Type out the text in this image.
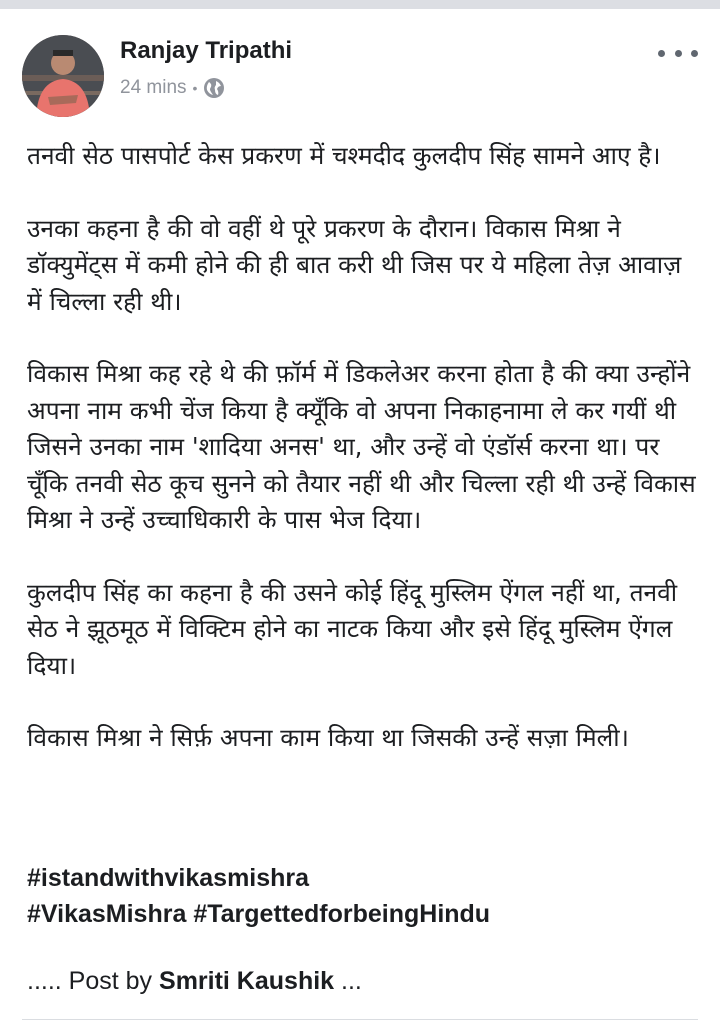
Ranjay Tripathi
24 mins •

तनवी सेठ पासपोर्ट केस प्रकरण में चश्मदीद कुलदीप सिंह सामने आए है।

उनका कहना है की वो वहीं थे पूरे प्रकरण के दौरान। विकास मिश्रा ने डॉक्युमेंट्स में कमी होने की ही बात करी थी जिस पर ये महिला तेज़ आवाज़ में चिल्ला रही थी।

विकास मिश्रा कह रहे थे की फ़ॉर्म में डिकलेअर करना होता है की क्या उन्होंने अपना नाम कभी चेंज किया है क्यूँकि वो अपना निकाहनामा ले कर गयीं थी जिसने उनका नाम 'शादिया अनस' था, और उन्हें वो एंडॉर्स करना था। पर चूँकि तनवी सेठ कूच सुनने को तैयार नहीं थी और चिल्ला रही थी उन्हें विकास मिश्रा ने उन्हें उच्चाधिकारी के पास भेज दिया।

कुलदीप सिंह का कहना है की उसने कोई हिंदू मुस्लिम ऐंगल नहीं था, तनवी सेठ ने झूठमूठ में विक्टिम होने का नाटक किया और इसे हिंदू मुस्लिम ऐंगल दिया।

विकास मिश्रा ने सिर्फ़ अपना काम किया था जिसकी उन्हें सज़ा मिली।

#istandwithvikasmishra
#VikasMishra #TargettedforbeingHindu
..... Post by Smriti Kaushik ...
